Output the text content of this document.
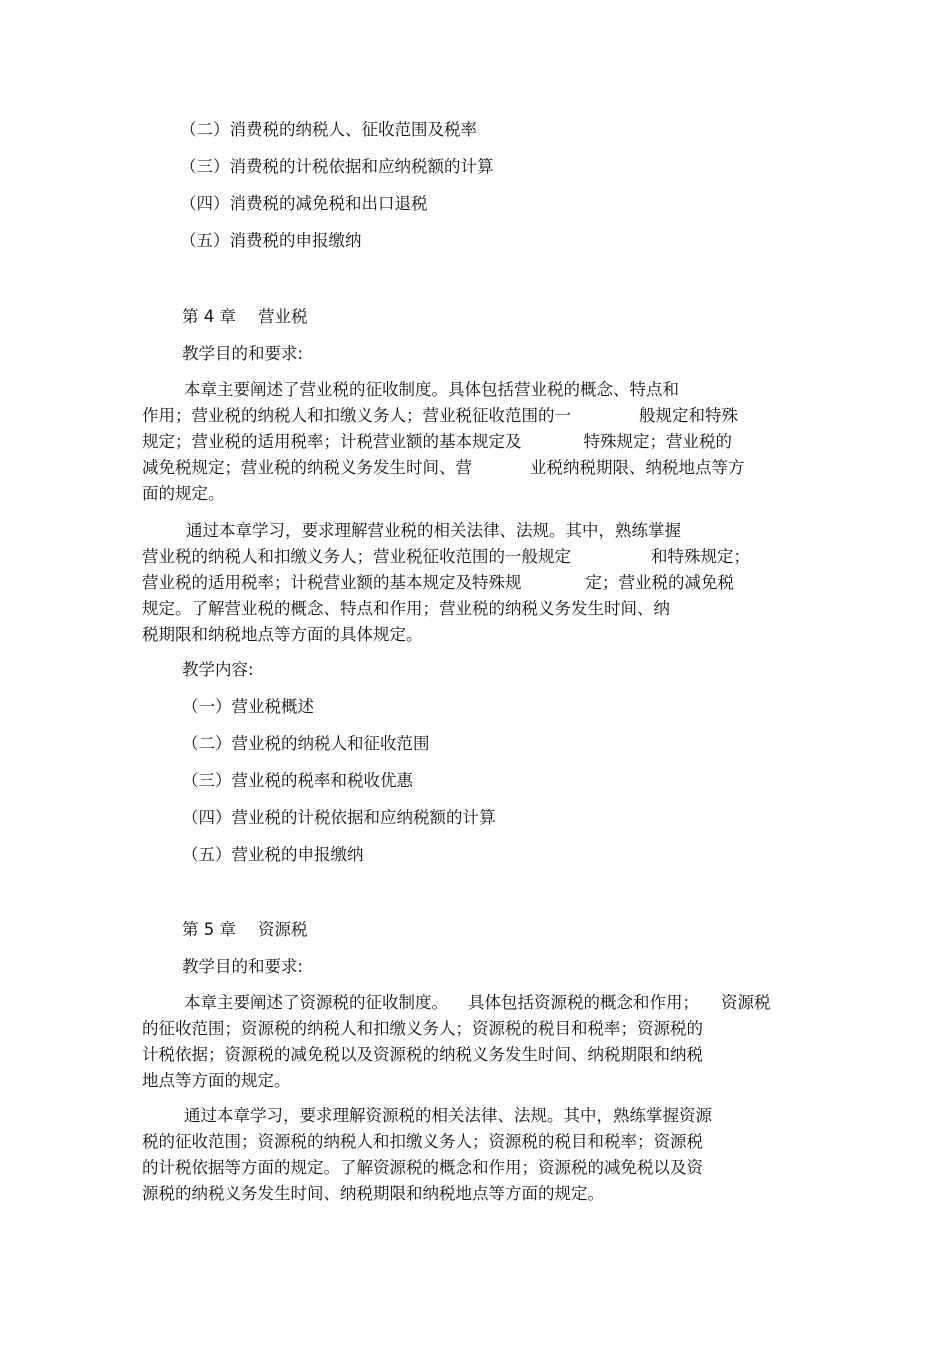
（二）消费税的纳税人、征收范围及税率
（三）消费税的计税依据和应纳税额的计算
（四）消费税的减免税和出口退税
（五）消费税的申报缴纳
第 4 章 营业税
教学目的和要求:
本章主要阐述了营业税的征收制度。具体包括营业税的概念、特点和
作用；营业税的纳税人和扣缴义务人；营业税征收范围的一	般规定和特殊
规定；营业税的适用税率；计税营业额的基本规定及	特殊规定；营业税的
减免税规定；营业税的纳税义务发生时间、营	业税纳税期限、纳税地点等方
面的规定。
通过本章学习，要求理解营业税的相关法律、法规。其中，熟练掌握
营业税的纳税人和扣缴义务人；营业税征收范围的一般规定	和特殊规定；
营业税的适用税率；计税营业额的基本规定及特殊规	定；营业税的减免税
规定。了解营业税的概念、特点和作用；营业税的纳税义务发生时间、纳
税期限和纳税地点等方面的具体规定。
教学内容:
（一）营业税概述
（二）营业税的纳税人和征收范围
（三）营业税的税率和税收优惠
（四）营业税的计税依据和应纳税额的计算
（五）营业税的申报缴纳
第 5 章 资源税
教学目的和要求:
本章主要阐述了资源税的征收制度。 具体包括资源税的概念和作用； 资源税
的征收范围；资源税的纳税人和扣缴义务人；资源税的税目和税率；资源税的
计税依据；资源税的减免税以及资源税的纳税义务发生时间、纳税期限和纳税
地点等方面的规定。
通过本章学习，要求理解资源税的相关法律、法规。其中，熟练掌握资源
税的征收范围；资源税的纳税人和扣缴义务人；资源税的税目和税率；资源税
的计税依据等方面的规定。了解资源税的概念和作用；资源税的减免税以及资
源税的纳税义务发生时间、纳税期限和纳税地点等方面的规定。
